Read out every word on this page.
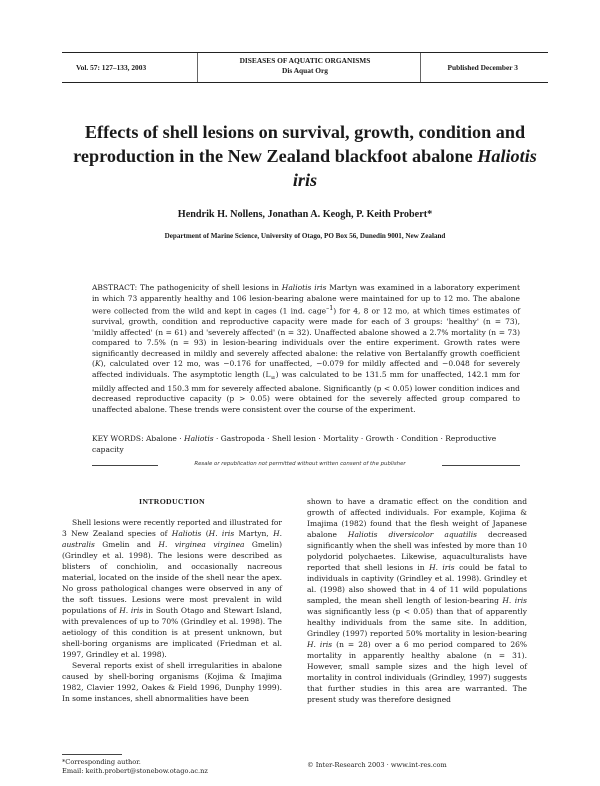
Vol. 57: 127–133, 2003
DISEASES OF AQUATIC ORGANISMS
Dis Aquat Org	Published December 3
Effects of shell lesions on survival, growth, condition and reproduction in the New Zealand blackfoot abalone Haliotis iris
Hendrik H. Nollens, Jonathan A. Keogh, P. Keith Probert*
Department of Marine Science, University of Otago, PO Box 56, Dunedin 9001, New Zealand

ABSTRACT: The pathogenicity of shell lesions in Haliotis iris Martyn was examined in a laboratory experiment in which 73 apparently healthy and 106 lesion-bearing abalone were maintained for up to 12 mo. The abalone were collected from the wild and kept in cages (1 ind. cage$^{-1}$) for 4, 8 or 12 mo, at which times estimates of survival, growth, condition and reproductive capacity were made for each of 3 groups: 'healthy' (n = 73), 'mildly affected' (n = 61) and 'severely affected' (n = 32). Unaffected abalone showed a 2.7% mortality (n = 73) compared to 7.5% (n = 93) in lesion-bearing individuals over the entire experiment. Growth rates were significantly decreased in mildly and severely affected abalone: the relative von Bertalanffy growth coefficient (K), calculated over 12 mo, was −0.176 for unaffected, −0.079 for mildly affected and −0.048 for severely affected individuals. The asymptotic length $(L_\infty)$ was calculated to be 131.5 mm for unaffected, 142.1 mm for mildly affected and 150.3 mm for severely affected abalone. Significantly (p < 0.05) lower condition indices and decreased reproductive capacity (p > 0.05) were obtained for the severely affected group compared to unaffected abalone. These trends were consistent over the course of the experiment.

KEY WORDS: Abalone · Haliotis · Gastropoda · Shell lesion · Mortality · Growth · Condition · Reproductive capacity

Resale or republication not permitted without written consent of the publisher
INTRODUCTION

Shell lesions were recently reported and illustrated for 3 New Zealand species of Haliotis (H. iris Martyn, H. australis Gmelin and H. virginea virginea Gmelin) (Grindley et al. 1998). The lesions were described as blisters of conchiolin, and occasionally nacreous material, located on the inside of the shell near the apex. No gross pathological changes were observed in any of the soft tissues. Lesions were most prevalent in wild populations of H. iris in South Otago and Stewart Island, with prevalences of up to 70% (Grindley et al. 1998). The aetiology of this condition is at present unknown, but shell-boring organisms are implicated (Friedman et al. 1997, Grindley et al. 1998).

Several reports exist of shell irregularities in abalone caused by shell-boring organisms (Kojima & Imajima 1982, Clavier 1992, Oakes & Field 1996, Dunphy 1999). In some instances, shell abnormalities have been

shown to have a dramatic effect on the condition and growth of affected individuals. For example, Kojima & Imajima (1982) found that the flesh weight of Japanese abalone Haliotis diversicolor aquatilis decreased significantly when the shell was infested by more than 10 polydorid polychaetes. Likewise, aquaculturalists have reported that shell lesions in H. iris could be fatal to individuals in captivity (Grindley et al. 1998). Grindley et al. (1998) also showed that in 4 of 11 wild populations sampled, the mean shell length of lesion-bearing H. iris was significantly less (p < 0.05) than that of apparently healthy individuals from the same site. In addition, Grindley (1997) reported 50% mortality in lesion-bearing H. iris (n = 28) over a 6 mo period compared to 26% mortality in apparently healthy abalone (n = 31). However, small sample sizes and the high level of mortality in control individuals (Grindley, 1997) suggests that further studies in this area are warranted. The present study was therefore designed

*Corresponding author.
Email: keith.probert@stonebow.otago.ac.nz
© Inter-Research 2003 · www.int-res.com
